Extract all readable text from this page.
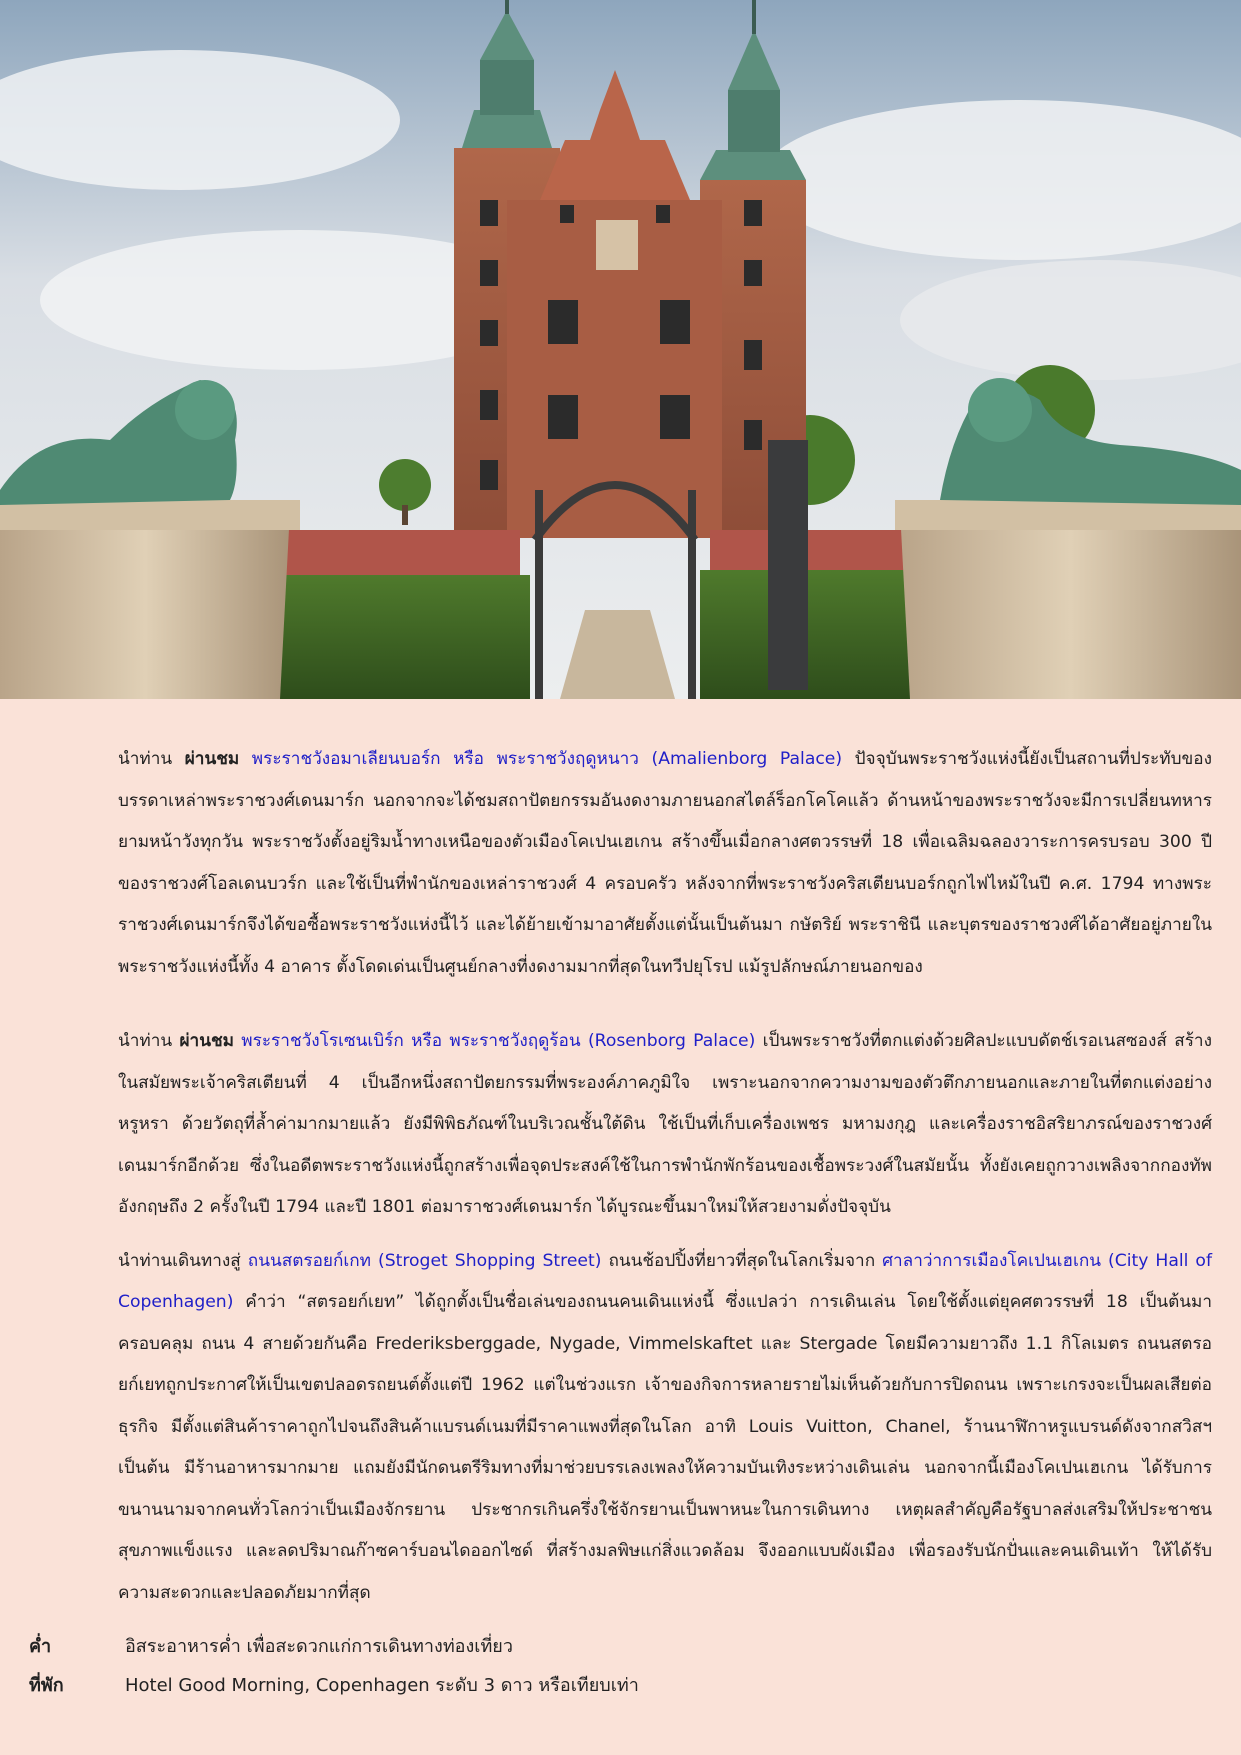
นำท่าน ผ่านชม พระราชวังอมาเลียนบอร์ก หรือ พระราชวังฤดูหนาว (Amalienborg Palace) ปัจจุบันพระราชวังแห่งนี้ยังเป็นสถานที่ประทับของบรรดาเหล่าพระราชวงศ์เดนมาร์ก นอกจากจะได้ชมสถาปัตยกรรมอันงดงามภายนอกสไตล์ร็อกโคโคแล้ว ด้านหน้าของพระราชวังจะมีการเปลี่ยนทหารยามหน้าวังทุกวัน พระราชวังตั้งอยู่ริมน้ำทางเหนือของตัวเมืองโคเปนเฮเกน สร้างขึ้นเมื่อกลางศตวรรษที่ 18 เพื่อเฉลิมฉลองวาระการครบรอบ 300 ปี ของราชวงศ์โอลเดนบวร์ก และใช้เป็นที่พำนักของเหล่าราชวงศ์ 4 ครอบครัว หลังจากที่พระราชวังคริสเตียนบอร์กถูกไฟไหม้ในปี ค.ศ. 1794 ทางพระราชวงศ์เดนมาร์กจึงได้ขอซื้อพระราชวังแห่งนี้ไว้ และได้ย้ายเข้ามาอาศัยตั้งแต่นั้นเป็นต้นมา กษัตริย์ พระราชินี และบุตรของราชวงศ์ได้อาศัยอยู่ภายในพระราชวังแห่งนี้ทั้ง 4 อาคาร ตั้งโดดเด่นเป็นศูนย์กลางที่งดงามมากที่สุดในทวีปยุโรป แม้รูปลักษณ์ภายนอกของ

นำท่าน ผ่านชม พระราชวังโรเซนเบิร์ก หรือ พระราชวังฤดูร้อน (Rosenborg Palace) เป็นพระราชวังที่ตกแต่งด้วยศิลปะแบบดัตช์เรอเนสซองส์ สร้างในสมัยพระเจ้าคริสเตียนที่ 4 เป็นอีกหนึ่งสถาปัตยกรรมที่พระองค์ภาคภูมิใจ เพราะนอกจากความงามของตัวตึกภายนอกและภายในที่ตกแต่งอย่างหรูหรา ด้วยวัตถุที่ล้ำค่ามากมายแล้ว ยังมีพิพิธภัณฑ์ในบริเวณชั้นใต้ดิน ใช้เป็นที่เก็บเครื่องเพชร มหามงกุฎ และเครื่องราชอิสริยาภรณ์ของราชวงศ์เดนมาร์กอีกด้วย ซึ่งในอดีตพระราชวังแห่งนี้ถูกสร้างเพื่อจุดประสงค์ใช้ในการพำนักพักร้อนของเชื้อพระวงศ์ในสมัยนั้น ทั้งยังเคยถูกวางเพลิงจากกองทัพอังกฤษถึง 2 ครั้งในปี 1794 และปี 1801 ต่อมาราชวงศ์เดนมาร์ก ได้บูรณะขึ้นมาใหม่ให้สวยงามดั่งปัจจุบัน

นำท่านเดินทางสู่ ถนนสตรอยก์เกท (Stroget Shopping Street) ถนนช้อปปิ้งที่ยาวที่สุดในโลกเริ่มจาก ศาลาว่าการเมืองโคเปนเฮเกน (City Hall of Copenhagen) คำว่า “สตรอยก์เยท” ได้ถูกตั้งเป็นชื่อเล่นของถนนคนเดินแห่งนี้ ซึ่งแปลว่า การเดินเล่น โดยใช้ตั้งแต่ยุคศตวรรษที่ 18 เป็นต้นมา ครอบคลุม ถนน 4 สายด้วยกันคือ Frederiksberggade, Nygade, Vimmelskaftet และ Stergade โดยมีความยาวถึง 1.1 กิโลเมตร ถนนสตรอยก์เยทถูกประกาศให้เป็นเขตปลอดรถยนต์ตั้งแต่ปี 1962 แต่ในช่วงแรก เจ้าของกิจการหลายรายไม่เห็นด้วยกับการปิดถนน เพราะเกรงจะเป็นผลเสียต่อธุรกิจ มีตั้งแต่สินค้าราคาถูกไปจนถึงสินค้าแบรนด์เนมที่มีราคาแพงที่สุดในโลก อาทิ Louis Vuitton, Chanel, ร้านนาฬิกาหรูแบรนด์ดังจากสวิสฯ เป็นต้น มีร้านอาหารมากมาย แถมยังมีนักดนตรีริมทางที่มาช่วยบรรเลงเพลงให้ความบันเทิงระหว่างเดินเล่น นอกจากนี้เมืองโคเปนเฮเกน ได้รับการขนานนามจากคนทั่วโลกว่าเป็นเมืองจักรยาน ประชากรเกินครึ่งใช้จักรยานเป็นพาหนะในการเดินทาง เหตุผลสำคัญคือรัฐบาลส่งเสริมให้ประชาชนสุขภาพแข็งแรง และลดปริมาณก๊าซคาร์บอนไดออกไซด์ ที่สร้างมลพิษแก่สิ่งแวดล้อม จึงออกแบบผังเมือง เพื่อรองรับนักปั่นและคนเดินเท้า ให้ได้รับความสะดวกและปลอดภัยมากที่สุด

ค่ำ	อิสระอาหารค่ำ เพื่อสะดวกแก่การเดินทางท่องเที่ยว
ที่พัก	Hotel Good Morning, Copenhagen ระดับ 3 ดาว หรือเทียบเท่า
